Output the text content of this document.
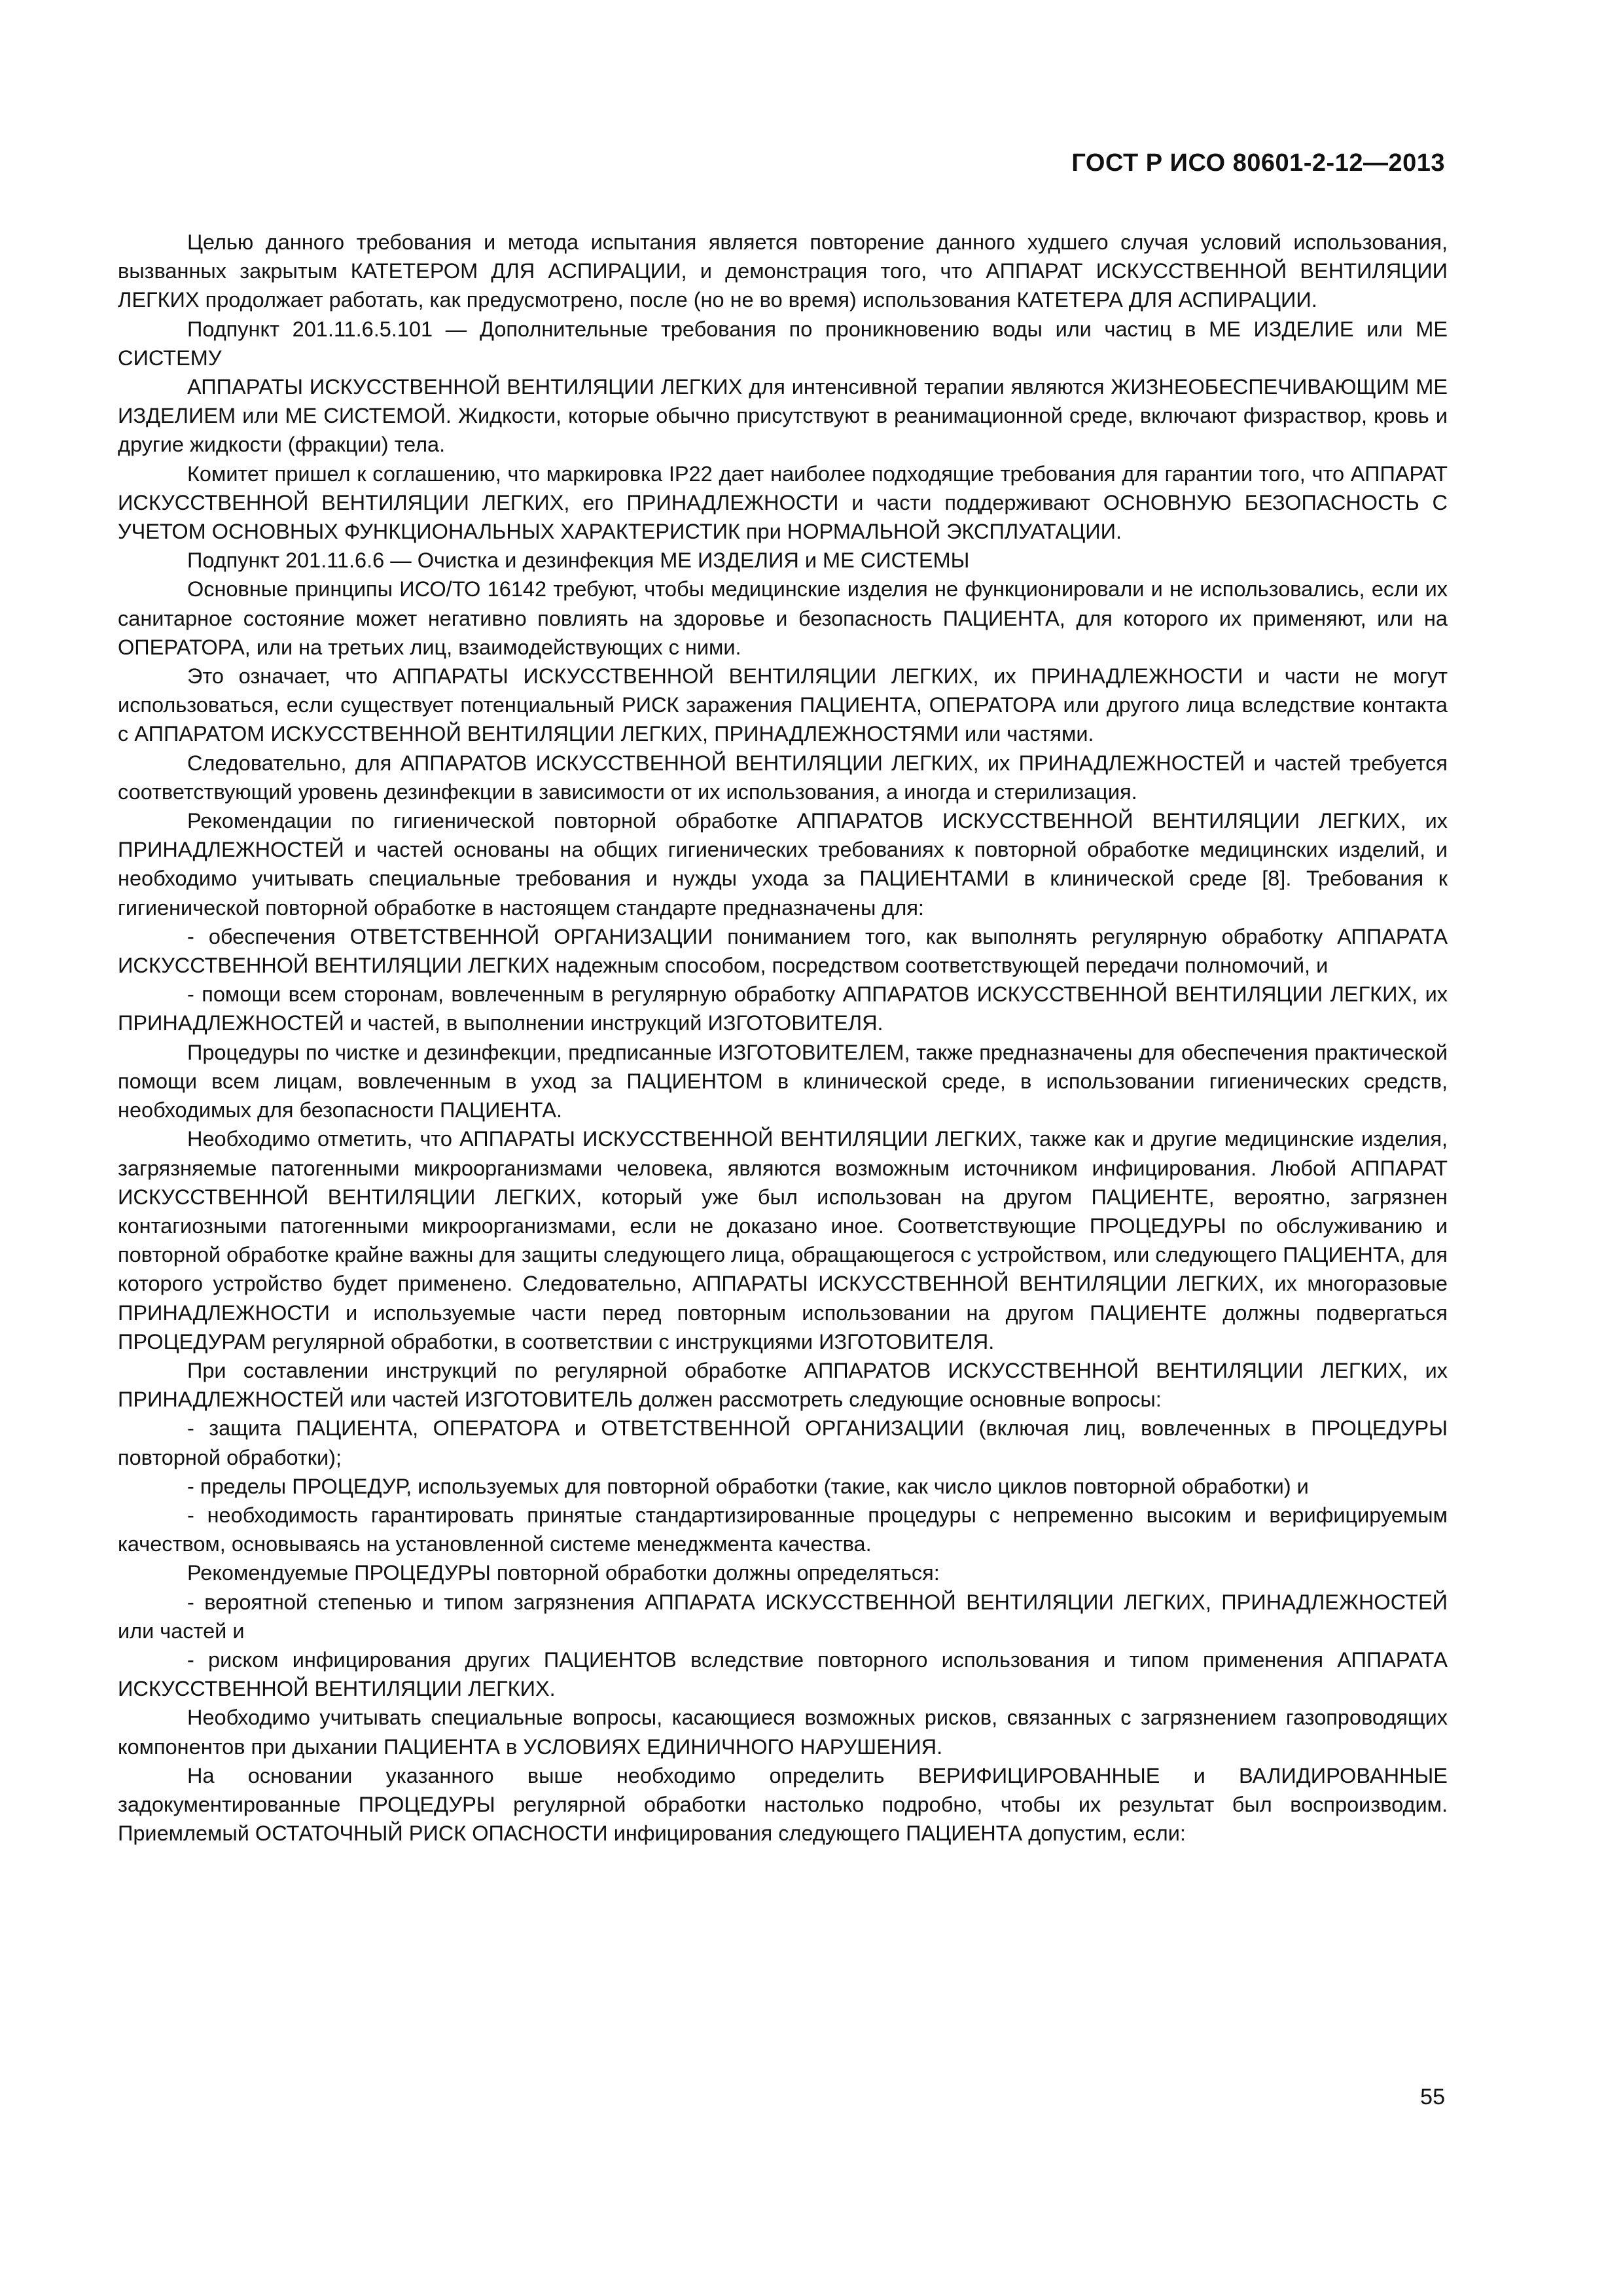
ГОСТ Р ИСО 80601-2-12—2013

Целью данного требования и метода испытания является повторение данного худшего случая условий использования, вызванных закрытым КАТЕТЕРОМ ДЛЯ АСПИРАЦИИ, и демонстрация того, что АППАРАТ ИСКУССТВЕННОЙ ВЕНТИЛЯЦИИ ЛЕГКИХ продолжает работать, как предусмотрено, после (но не во время) использования КАТЕТЕРА ДЛЯ АСПИРАЦИИ.

Подпункт 201.11.6.5.101 — Дополнительные требования по проникновению воды или частиц в МЕ ИЗДЕЛИЕ или МЕ СИСТЕМУ

АППАРАТЫ ИСКУССТВЕННОЙ ВЕНТИЛЯЦИИ ЛЕГКИХ для интенсивной терапии являются ЖИЗНЕОБЕСПЕЧИВАЮЩИМ МЕ ИЗДЕЛИЕМ или МЕ СИСТЕМОЙ. Жидкости, которые обычно присутствуют в реанимационной среде, включают физраствор, кровь и другие жидкости (фракции) тела.

Комитет пришел к соглашению, что маркировка IP22 дает наиболее подходящие требования для гарантии того, что АППАРАТ ИСКУССТВЕННОЙ ВЕНТИЛЯЦИИ ЛЕГКИХ, его ПРИНАДЛЕЖНОСТИ и части поддерживают ОСНОВНУЮ БЕЗОПАСНОСТЬ С УЧЕТОМ ОСНОВНЫХ ФУНКЦИОНАЛЬНЫХ ХАРАКТЕРИСТИК при НОРМАЛЬНОЙ ЭКСПЛУАТАЦИИ.

Подпункт 201.11.6.6 — Очистка и дезинфекция МЕ ИЗДЕЛИЯ и МЕ СИСТЕМЫ

Основные принципы ИСО/ТО 16142 требуют, чтобы медицинские изделия не функционировали и не использовались, если их санитарное состояние может негативно повлиять на здоровье и безопасность ПАЦИЕНТА, для которого их применяют, или на ОПЕРАТОРА, или на третьих лиц, взаимодействующих с ними.

Это означает, что АППАРАТЫ ИСКУССТВЕННОЙ ВЕНТИЛЯЦИИ ЛЕГКИХ, их ПРИНАДЛЕЖНОСТИ и части не могут использоваться, если существует потенциальный РИСК заражения ПАЦИЕНТА, ОПЕРАТОРА или другого лица вследствие контакта с АППАРАТОМ ИСКУССТВЕННОЙ ВЕНТИЛЯЦИИ ЛЕГКИХ, ПРИНАДЛЕЖНОСТЯМИ или частями.

Следовательно, для АППАРАТОВ ИСКУССТВЕННОЙ ВЕНТИЛЯЦИИ ЛЕГКИХ, их ПРИНАДЛЕЖНОСТЕЙ и частей требуется соответствующий уровень дезинфекции в зависимости от их использования, а иногда и стерилизация.

Рекомендации по гигиенической повторной обработке АППАРАТОВ ИСКУССТВЕННОЙ ВЕНТИЛЯЦИИ ЛЕГКИХ, их ПРИНАДЛЕЖНОСТЕЙ и частей основаны на общих гигиенических требованиях к повторной обработке медицинских изделий, и необходимо учитывать специальные требования и нужды ухода за ПАЦИЕНТАМИ в клинической среде [8]. Требования к гигиенической повторной обработке в настоящем стандарте предназначены для:

- обеспечения ОТВЕТСТВЕННОЙ ОРГАНИЗАЦИИ пониманием того, как выполнять регулярную обработку АППАРАТА ИСКУССТВЕННОЙ ВЕНТИЛЯЦИИ ЛЕГКИХ надежным способом, посредством соответствующей передачи полномочий, и

- помощи всем сторонам, вовлеченным в регулярную обработку АППАРАТОВ ИСКУССТВЕННОЙ ВЕНТИЛЯЦИИ ЛЕГКИХ, их ПРИНАДЛЕЖНОСТЕЙ и частей, в выполнении инструкций ИЗГОТОВИТЕЛЯ.

Процедуры по чистке и дезинфекции, предписанные ИЗГОТОВИТЕЛЕМ, также предназначены для обеспечения практической помощи всем лицам, вовлеченным в уход за ПАЦИЕНТОМ в клинической среде, в использовании гигиенических средств, необходимых для безопасности ПАЦИЕНТА.

Необходимо отметить, что АППАРАТЫ ИСКУССТВЕННОЙ ВЕНТИЛЯЦИИ ЛЕГКИХ, также как и другие медицинские изделия, загрязняемые патогенными микроорганизмами человека, являются возможным источником инфицирования. Любой АППАРАТ ИСКУССТВЕННОЙ ВЕНТИЛЯЦИИ ЛЕГКИХ, который уже был использован на другом ПАЦИЕНТЕ, вероятно, загрязнен контагиозными патогенными микроорганизмами, если не доказано иное. Соответствующие ПРОЦЕДУРЫ по обслуживанию и повторной обработке крайне важны для защиты следующего лица, обращающегося с устройством, или следующего ПАЦИЕНТА, для которого устройство будет применено. Следовательно, АППАРАТЫ ИСКУССТВЕННОЙ ВЕНТИЛЯЦИИ ЛЕГКИХ, их многоразовые ПРИНАДЛЕЖНОСТИ и используемые части перед повторным использовании на другом ПАЦИЕНТЕ должны подвергаться ПРОЦЕДУРАМ регулярной обработки, в соответствии с инструкциями ИЗГОТОВИТЕЛЯ.

При составлении инструкций по регулярной обработке АППАРАТОВ ИСКУССТВЕННОЙ ВЕНТИЛЯЦИИ ЛЕГКИХ, их ПРИНАДЛЕЖНОСТЕЙ или частей ИЗГОТОВИТЕЛЬ должен рассмотреть следующие основные вопросы:

- защита ПАЦИЕНТА, ОПЕРАТОРА и ОТВЕТСТВЕННОЙ ОРГАНИЗАЦИИ (включая лиц, вовлеченных в ПРОЦЕДУРЫ повторной обработки);

- пределы ПРОЦЕДУР, используемых для повторной обработки (такие, как число циклов повторной обработки) и

- необходимость гарантировать принятые стандартизированные процедуры с непременно высоким и верифицируемым качеством, основываясь на установленной системе менеджмента качества.

Рекомендуемые ПРОЦЕДУРЫ повторной обработки должны определяться:

- вероятной степенью и типом загрязнения АППАРАТА ИСКУССТВЕННОЙ ВЕНТИЛЯЦИИ ЛЕГКИХ, ПРИНАДЛЕЖНОСТЕЙ или частей и

- риском инфицирования других ПАЦИЕНТОВ вследствие повторного использования и типом применения АППАРАТА ИСКУССТВЕННОЙ ВЕНТИЛЯЦИИ ЛЕГКИХ.

Необходимо учитывать специальные вопросы, касающиеся возможных рисков, связанных с загрязнением газопроводящих компонентов при дыхании ПАЦИЕНТА в УСЛОВИЯХ ЕДИНИЧНОГО НАРУШЕНИЯ.

На основании указанного выше необходимо определить ВЕРИФИЦИРОВАННЫЕ и ВАЛИДИРОВАННЫЕ задокументированные ПРОЦЕДУРЫ регулярной обработки настолько подробно, чтобы их результат был воспроизводим. Приемлемый ОСТАТОЧНЫЙ РИСК ОПАСНОСТИ инфицирования следующего ПАЦИЕНТА допустим, если:

55
